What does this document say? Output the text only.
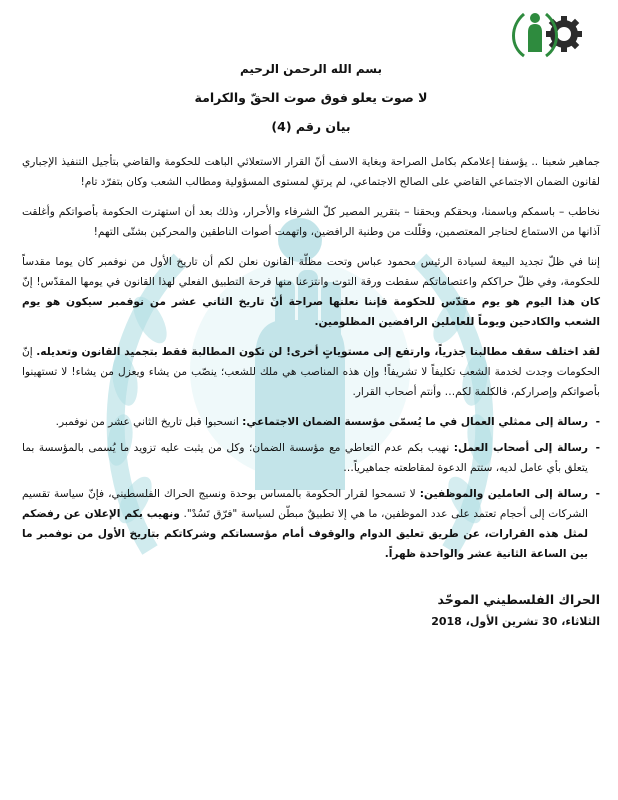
بسم الله الرحمن الرحيم
لا صوت يعلو فوق صوت الحقّ والكرامة
بيان رقم (4)

جماهير شعبنا .. يؤسفنا إعلامكم بكامل الصراحة وبغاية الاسف أنّ القرار الاستعلائي الباهت للحكومة والقاضي بتأجيل التنفيذ الإجباري لقانون الضمان الاجتماعي القاضي على الصالح الاجتماعي، لم يرتقِ لمستوى المسؤولية ومطالب الشعب وكان بتفرّد تام!

نخاطب – باسمكم وباسمنا، وبحقكم وبحقنا – بتقرير المصير كلّ الشرفاء والأحرار، وذلك بعد أن استهترت الحكومة بأصواتكم وأغلقت آذانها من الاستماع لحناجر المعتصمين، وقلّلت من وطنية الرافضين، واتهمت أصوات الناطقين والمحركين بشتّى التهم!

إننا في ظلّ تجديد البيعة لسيادة الرئيس محمود عباس وتحت مظلّة القانون نعلن لكم أن تاريخ الأول من نوفمبر كان يوما مقدساً للحكومة، وفي ظلّ حراككم واعتصاماتكم سقطت ورقة التوت وانتزعنا منها فرحة التطبيق الفعلي لهذا القانون في يومها المقدّس! إنّ كان هذا اليوم هو يوم مقدّس للحكومة فإننا نعلنها صراحة أنّ تاريخ الثاني عشر من نوفمبر سيكون هو يوم الشعب والكادحين ويوماً للعاملين الرافضين المظلومين.

لقد اختلف سقف مطالبنا جذرياً، وارتفع إلى مستوياتٍ أخرى! لن تكون المطالبة فقط بتجميد القانون وتعديله. إنّ الحكومات وجدت لخدمة الشعب تكليفاً لا تشريفاً! وإن هذه المناصب هي ملك للشعب؛ ينصّب من يشاء ويعزل من يشاء! لا تستهينوا بأصواتكم وإصراركم، فالكلمة لكم… وأنتم أصحاب القرار.

- رسالة إلى ممثلي العمال في ما يُسمّى مؤسسة الضمان الاجتماعي: انسحبوا قبل تاريخ الثاني عشر من نوفمبر.
- رسالة إلى أصحاب العمل: نهيب بكم عدم التعاطي مع مؤسسة الضمان؛ وكل من يثبت عليه تزويد ما يُسمى بالمؤسسة بما يتعلق بأي عامل لديه، ستتم الدعوة لمقاطعته جماهيرياً…
- رسالة إلى العاملين والموظفين: لا تسمحوا لقرار الحكومة بالمساس بوحدة ونسيج الحراك الفلسطيني، فإنّ سياسة تقسيم الشركات إلى أحجام تعتمد على عدد الموظفين، ما هي إلا تطبيقٌ مبطّن لسياسة "فرّق تَسُدْ". ونهيب بكم الإعلان عن رفضكم لمثل هذه القرارات، عن طريق تعليق الدوام والوقوف أمام مؤسساتكم وشركاتكم بتاريخ الأول من نوفمبر ما بين الساعة الثانية عشر والواحدة ظهراً.
الحراك الفلسطيني الموحّد
الثلاثاء، 30 تشرين الأول، 2018
